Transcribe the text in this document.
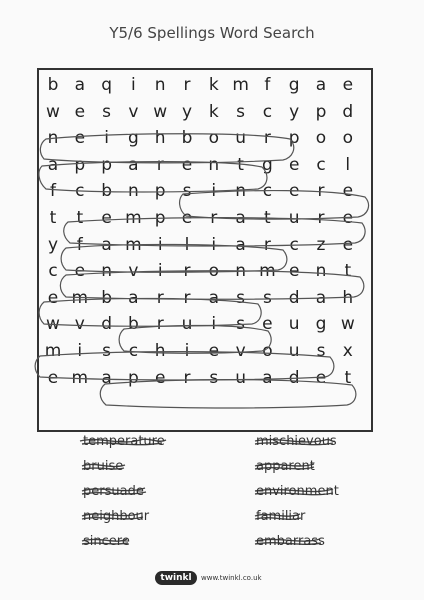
Y5/6 Spellings Word Search
b a q	i	n	r	k m f	g a e
w e	s	v w y k	s	c	y p d
n e	i	g h b o u	r	p o o
a p p a	r	e n	t	g e c	l
f	c b n p s	i	n c e	r	e
t	t	e m p e	r	a	t	u	r	e
y	f	a m i	l	i	a	r	c	z	e
c e n v	i	r	o n m e n	t
e m b a	r	r	a	s	s d a h
w v d b	r	u	i	s	e u g w
m i	s	c h	i	e v o u s	x
e m a p e	r	s u a d e	t
temperature
bruise
persuade
neighbour
sincere
mischievous
apparent
environment
familiar
embarrass
twinkl	www.twinkl.co.uk
